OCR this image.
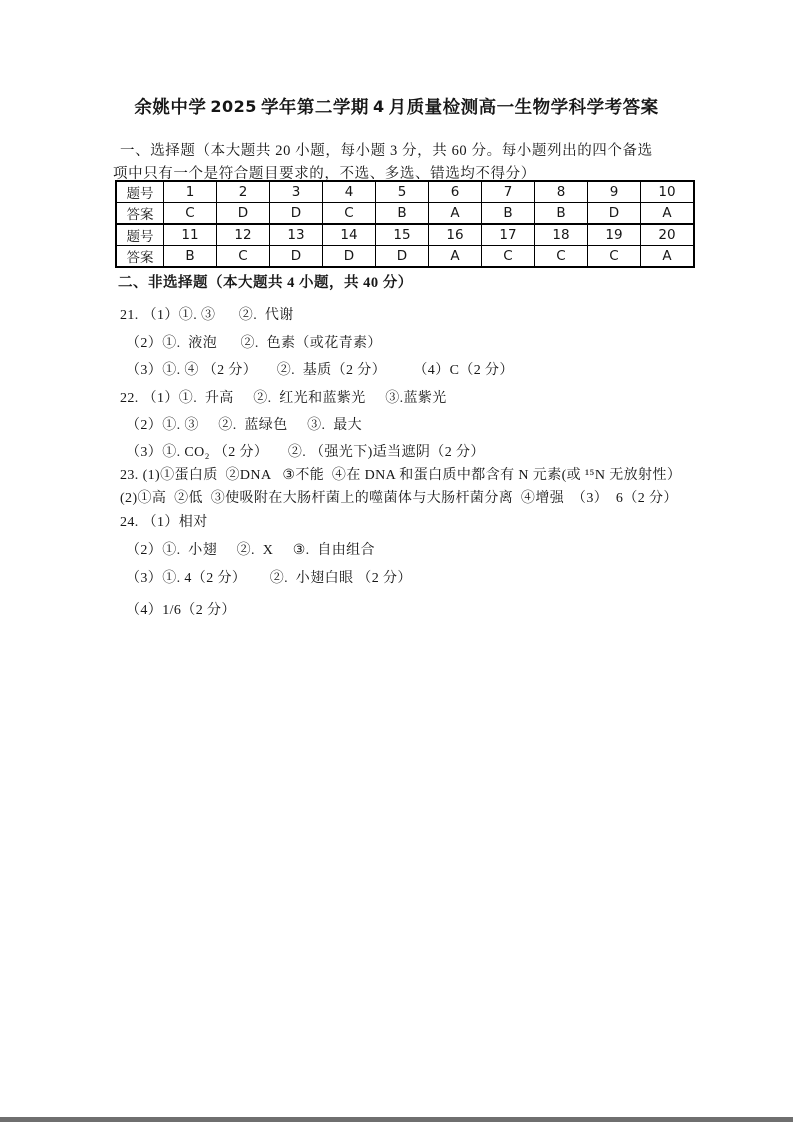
余姚中学 2025 学年第二学期 4 月质量检测高一生物学科学考答案
一、选择题（本大题共 20 小题，每小题 3 分，共 60 分。每小题列出的四个备选
项中只有一个是符合题目要求的，不选、多选、错选均不得分）
题号	1	2	3	4	5	6	7	8	9	10
答案	C	D	D	C	B	A	B	B	D	A
题号	11	12	13	14	15	16	17	18	19	20
答案	B	C	D	D	D	A	C	C	C	A
二、非选择题（本大题共 4 小题，共 40 分）
21. （1）①. ③      ②.  代谢
（2）①.  液泡      ②.  色素（或花青素）
（3）①. ④ （2 分）     ②.  基质（2 分）       （4）C（2 分）
22. （1）①.  升高     ②.  红光和蓝紫光     ③.蓝紫光
（2）①. ③     ②.  蓝绿色     ③.  最大
（3）①. CO₂ （2 分）     ②. （强光下)适当遮阴（2 分）
23. (1)①蛋白质  ②DNA   ③不能  ④在 DNA 和蛋白质中都含有 N 元素(或 ¹⁵N 无放射性）
(2)①高  ②低  ③使吸附在大肠杆菌上的噬菌体与大肠杆菌分离  ④增强  （3）  6（2 分）
24. （1）相对
（2）①.  小翅     ②.  X     ③.  自由组合
（3）①. 4（2 分）      ②.  小翅白眼 （2 分）
（4）1/6（2 分）
